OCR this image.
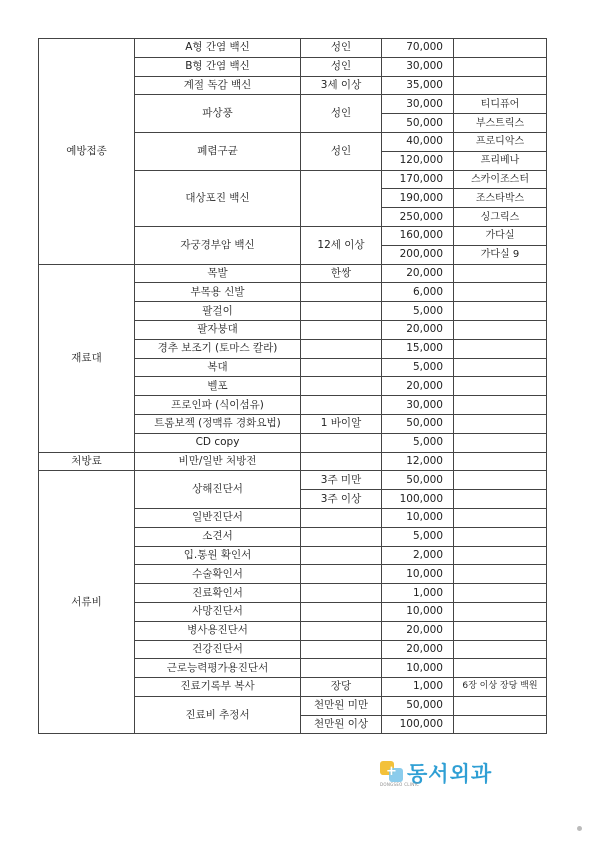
예방접종	A형 간염 백신	성인	70,000	
	B형 간염 백신	성인	30,000	
	계절 독감 백신	3세 이상	35,000	
	파상풍	성인	30,000	티디퓨어
			50,000	부스트릭스
	폐렴구균	성인	40,000	프로디악스
			120,000	프리베나
	대상포진 백신		170,000	스카이조스터
			190,000	조스타박스
			250,000	싱그릭스
	자궁경부암 백신	12세 이상	160,000	가다실
			200,000	가다실 9
재료대	목발	한쌍	20,000	
	부목용 신발		6,000	
	팔걸이		5,000	
	팔자붕대		20,000	
	경추 보조기 (토마스 칼라)		15,000	
	복대		5,000	
	벨포		20,000	
	프로인파 (식이섬유)		30,000	
	트롬보젝 (정맥류 경화요법)	1 바이알	50,000	
	CD copy		5,000	
처방료	비만/일반 처방전		12,000	
서류비	상해진단서	3주 미만	50,000	
		3주 이상	100,000	
	일반진단서		10,000	
	소견서		5,000	
	입.통원 확인서		2,000	
	수술확인서		10,000	
	진료확인서		1,000	
	사망진단서		10,000	
	병사용진단서		20,000	
	건강진단서		20,000	
	근로능력평가용진단서		10,000	
	진료기록부 복사	장당	1,000	6장 이상 장당 백원
	진료비 추정서	천만원 미만	50,000	
		천만원 이상	100,000	
+ 동서외과
DONGSEO CLINIC
